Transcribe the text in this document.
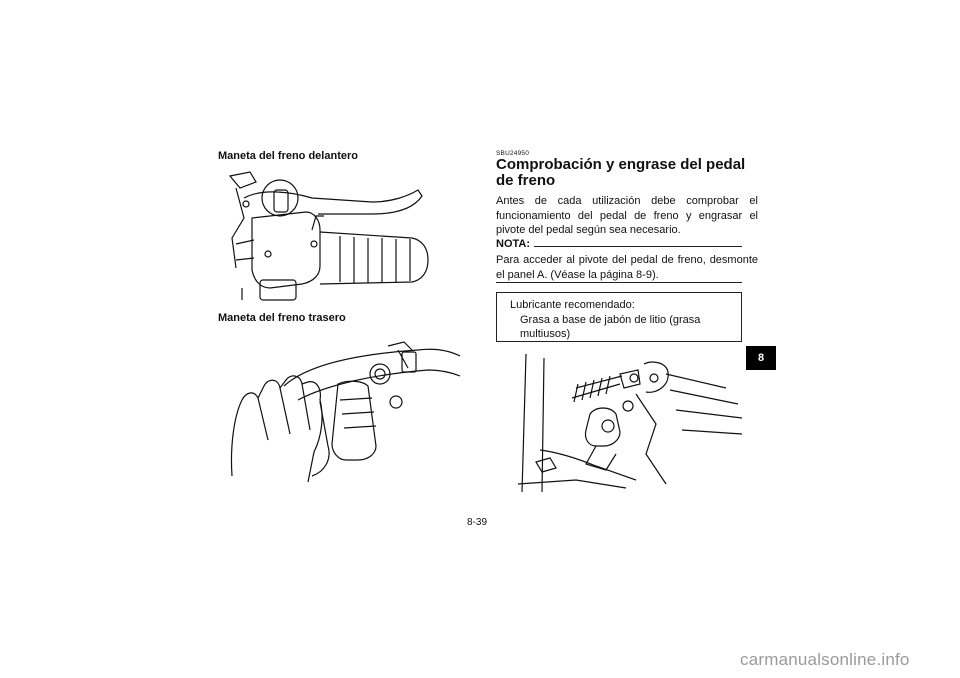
Maneta del freno delantero
Maneta del freno trasero
SBU24950
Comprobación y engrase del pedal de freno
Antes de cada utilización debe comprobar el funcionamiento del pedal de freno y engrasar el pivote del pedal según sea necesario.
NOTA:
Para acceder al pivote del pedal de freno, desmonte el panel A. (Véase la página 8-9).
Lubricante recomendado:
Grasa a base de jabón de litio (grasa multiusos)
8
8-39
carmanualsonline.info
